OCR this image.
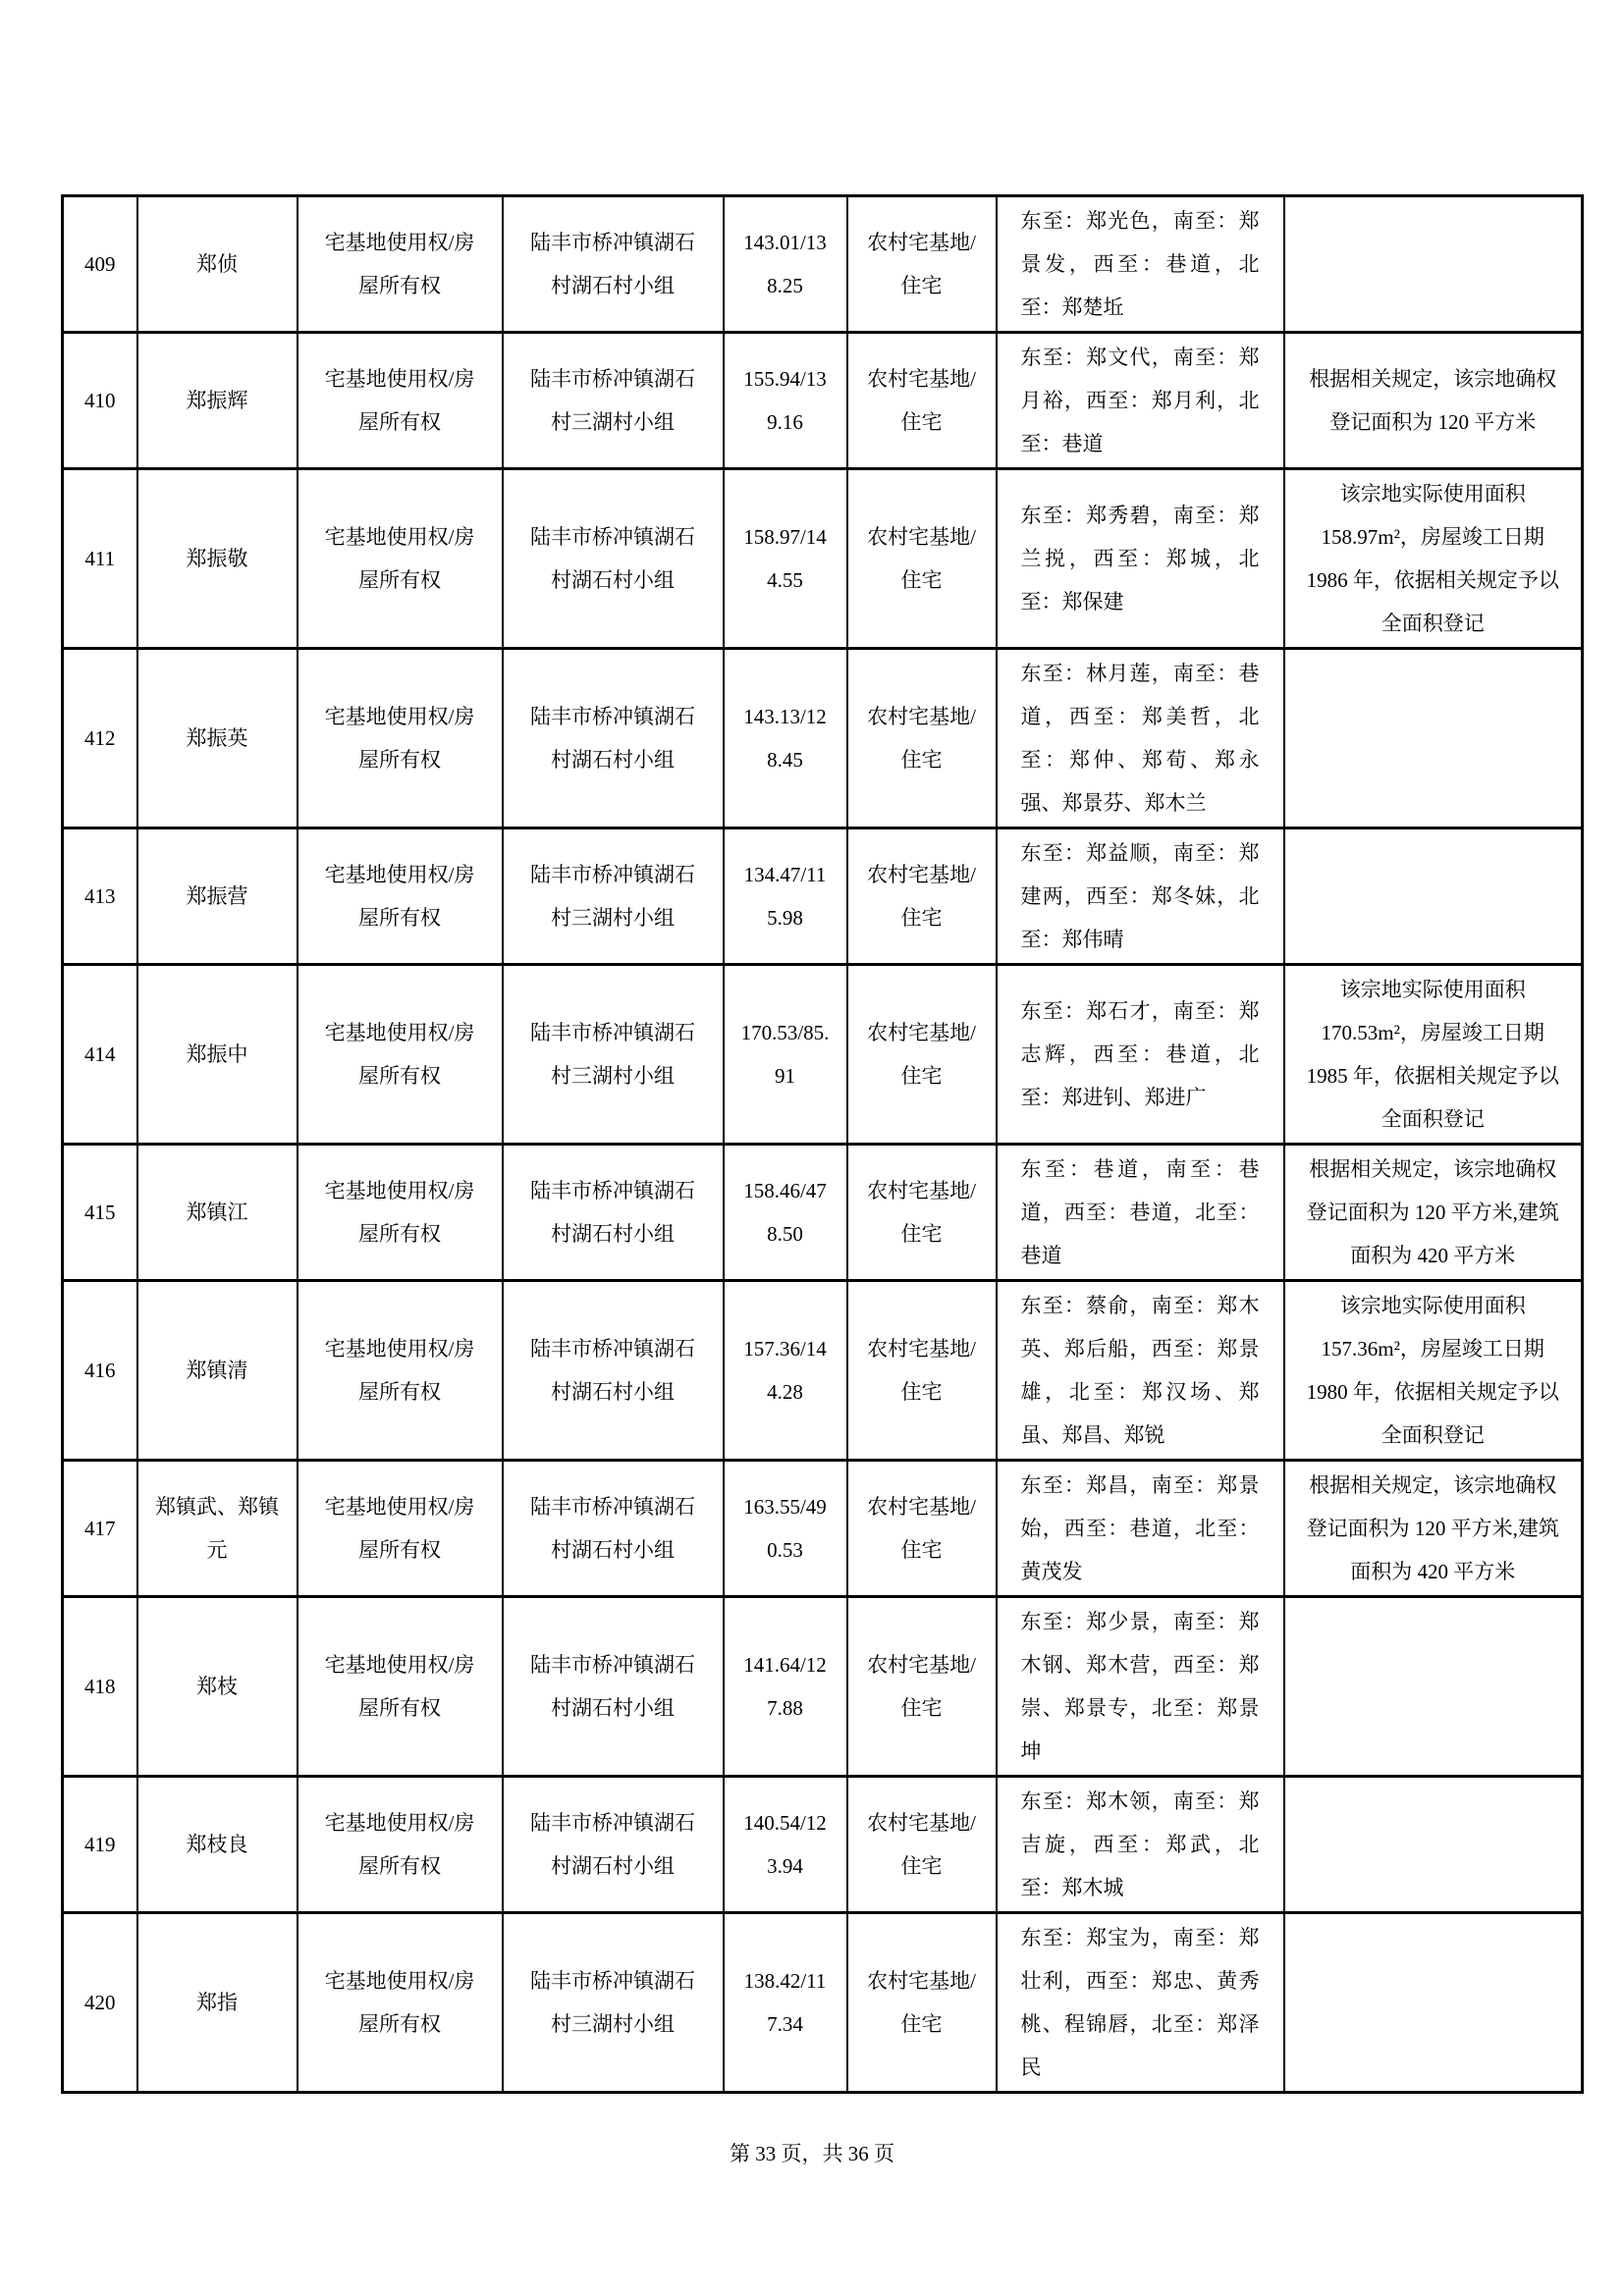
409	郑侦	宅基地使用权/房屋所有权	陆丰市桥冲镇湖石村湖石村小组	143.01/138.25	农村宅基地/住宅	东至：郑光色，南至：郑景发，西至：巷道，北至：郑楚坵	
410	郑振辉	宅基地使用权/房屋所有权	陆丰市桥冲镇湖石村三湖村小组	155.94/139.16	农村宅基地/住宅	东至：郑文代，南至：郑月裕，西至：郑月利，北至：巷道	根据相关规定，该宗地确权登记面积为 120 平方米
411	郑振敬	宅基地使用权/房屋所有权	陆丰市桥冲镇湖石村湖石村小组	158.97/144.55	农村宅基地/住宅	东至：郑秀碧，南至：郑兰捝，西至：郑城，北至：郑保建	该宗地实际使用面积 158.97m²，房屋竣工日期 1986 年，依据相关规定予以全面积登记
412	郑振英	宅基地使用权/房屋所有权	陆丰市桥冲镇湖石村湖石村小组	143.13/128.45	农村宅基地/住宅	东至：林月莲，南至：巷道，西至：郑美哲，北至：郑仲、郑荀、郑永强、郑景芬、郑木兰	
413	郑振营	宅基地使用权/房屋所有权	陆丰市桥冲镇湖石村三湖村小组	134.47/115.98	农村宅基地/住宅	东至：郑益顺，南至：郑建两，西至：郑冬妹，北至：郑伟晴	
414	郑振中	宅基地使用权/房屋所有权	陆丰市桥冲镇湖石村三湖村小组	170.53/85.91	农村宅基地/住宅	东至：郑石才，南至：郑志辉，西至：巷道，北至：郑进钊、郑进广	该宗地实际使用面积 170.53m²，房屋竣工日期 1985 年，依据相关规定予以全面积登记
415	郑镇江	宅基地使用权/房屋所有权	陆丰市桥冲镇湖石村湖石村小组	158.46/478.50	农村宅基地/住宅	东至：巷道，南至：巷道，西至：巷道，北至：巷道	根据相关规定，该宗地确权登记面积为 120 平方米,建筑面积为 420 平方米
416	郑镇清	宅基地使用权/房屋所有权	陆丰市桥冲镇湖石村湖石村小组	157.36/144.28	农村宅基地/住宅	东至：蔡俞，南至：郑木英、郑后船，西至：郑景雄，北至：郑汉场、郑虽、郑昌、郑锐	该宗地实际使用面积 157.36m²，房屋竣工日期 1980 年，依据相关规定予以全面积登记
417	郑镇武、郑镇元	宅基地使用权/房屋所有权	陆丰市桥冲镇湖石村湖石村小组	163.55/490.53	农村宅基地/住宅	东至：郑昌，南至：郑景始，西至：巷道，北至：黄茂发	根据相关规定，该宗地确权登记面积为 120 平方米,建筑面积为 420 平方米
418	郑枝	宅基地使用权/房屋所有权	陆丰市桥冲镇湖石村湖石村小组	141.64/127.88	农村宅基地/住宅	东至：郑少景，南至：郑木钢、郑木营，西至：郑崇、郑景专，北至：郑景坤	
419	郑枝良	宅基地使用权/房屋所有权	陆丰市桥冲镇湖石村湖石村小组	140.54/123.94	农村宅基地/住宅	东至：郑木领，南至：郑吉旋，西至：郑武，北至：郑木城	
420	郑指	宅基地使用权/房屋所有权	陆丰市桥冲镇湖石村三湖村小组	138.42/117.34	农村宅基地/住宅	东至：郑宝为，南至：郑壮利，西至：郑忠、黄秀桃、程锦唇，北至：郑泽民	
第 33 页，共 36 页
